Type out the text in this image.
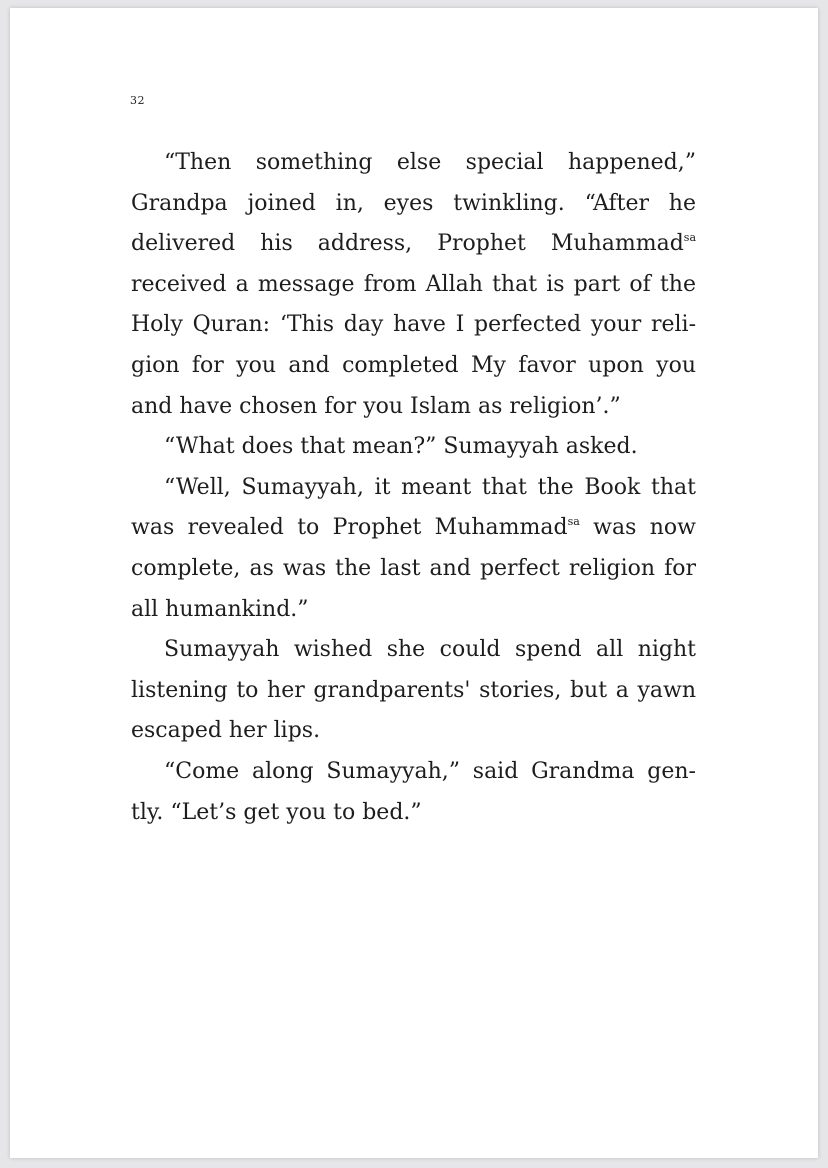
32
“Then something else special happened,”
Grandpa joined in, eyes twinkling. “After he
delivered his address, Prophet Muhammad$^{sa}$
received a message from Allah that is part of the
Holy Quran: ‘This day have I perfected your reli-
gion for you and completed My favor upon you
and have chosen for you Islam as religion’.”
“What does that mean?” Sumayyah asked.
“Well, Sumayyah, it meant that the Book that
was revealed to Prophet Muhammad$^{sa}$ was now
complete, as was the last and perfect religion for
all humankind.”
Sumayyah wished she could spend all night
listening to her grandparents' stories, but a yawn
escaped her lips.
“Come along Sumayyah,” said Grandma gen-
tly. “Let’s get you to bed.”
